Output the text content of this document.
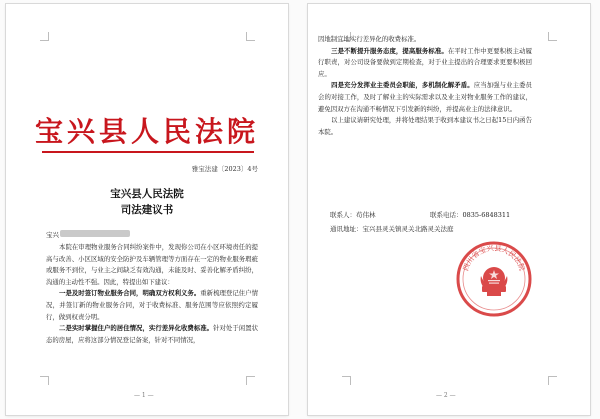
宝兴县人民法院
雅宝法建〔2023〕4号
宝兴县人民法院
司法建议书
宝兴
本院在审理物业服务合同纠纷案件中，发现你公司在小区环境责任的提高与改善、小区区域的安全防护及车辆管理等方面存在一定的物业服务瑕疵或服务不到位，与业主之间缺乏有效沟通，未能及时、妥善化解矛盾纠纷，沟通的主动性不强。因此，特提出如下建议：
一是及时签订物业服务合同，明确双方权利义务。重新梳理登记住户情况，并签订新的物业服务合同，对于收费标准、服务范围等应依照约定履行，做到权责分明。
二是实时掌握住户的居住情况，实行差异化收费标准。针对处于闲置状态的房屋，应将这部分情况登记备案，针对不同情况，
— 1 —	— 2 —
因地制宜地实行差异化的收费标准。
三是不断提升服务态度，提高服务标准。在平时工作中更要积极主动履行职责，对公司设备要做到定期检查，对于业主提出的合理要求更要积极回应。
四是充分发挥业主委员会职能，多机制化解矛盾。应当加强与业主委员会的对接工作，及时了解业主的实际需求以及业主对物业服务工作的建议，避免因双方在沟通不畅情况下引发新的纠纷，并提高业主的法律意识。
以上建议请研究处理，并将处理结果于收到本建议书之日起15日内函告本院。
联系人：苟伟林	联系电话：0835-6848311
通讯地址：宝兴县灵关镇灵关北路灵关法庭
四川省宝兴县人民法院
